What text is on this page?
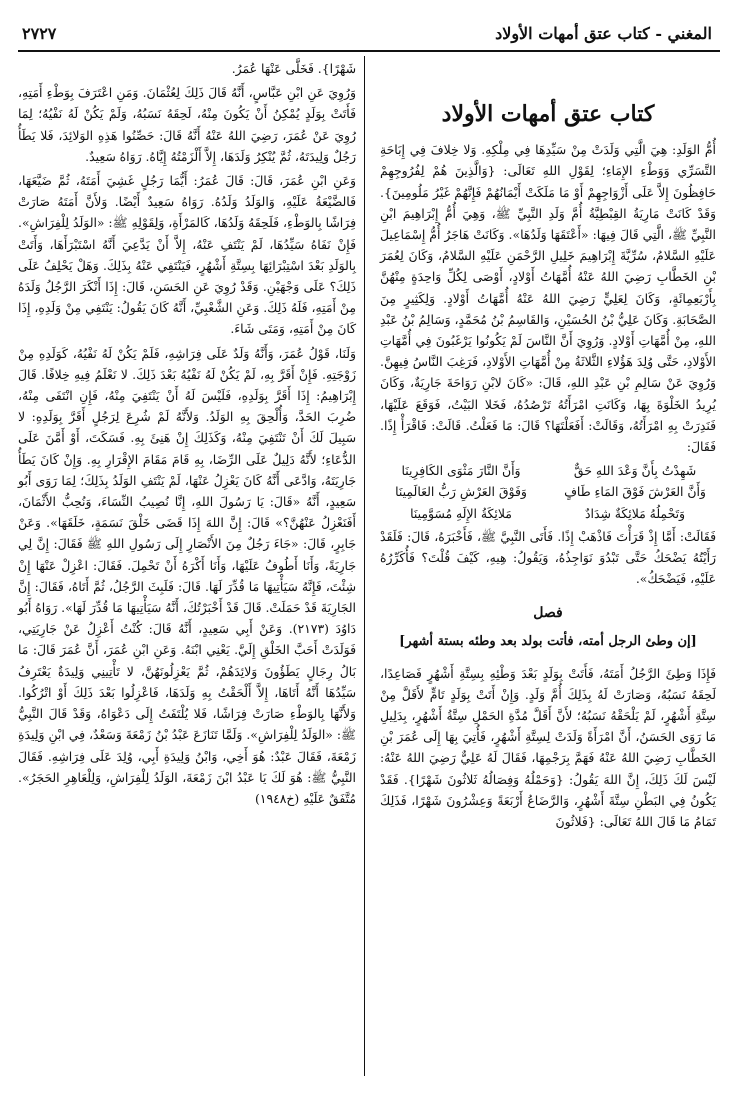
المغني - كتاب عتق أمهات الأولاد
٢٧٢٧
كتاب عتق أمهات الأولاد

أُمُّ الوَلَدِ: هِيَ الَّتِي وَلَدَتْ مِنْ سَيِّدِهَا فِي مِلْكِهِ. وَلا خِلافَ فِي إِبَاحَةِ التَّسَرِّي وَوَطْءِ الإِمَاءِ؛ لِقَوْلِ اللهِ تَعَالَى: {وَالَّذِينَ هُمْ لِفُرُوجِهِمْ حَافِظُونَ إِلاَّ عَلَى أَزْوَاجِهِمْ أَوْ مَا مَلَكَتْ أَيْمَانُهُمْ فَإِنَّهُمْ غَيْرُ مَلُومِينَ}. وَقَدْ كَانَتْ مَارِيَةُ القِبْطِيَّةُ أُمَّ وَلَدِ النَّبِيِّ ﷺ، وَهِيَ أُمُّ إِبْرَاهِيمَ ابْنِ النَّبِيِّ ﷺ، الَّتِي قَالَ فِيهَا: «أَعْتَقَهَا وَلَدُهَا». وَكَانَتْ هَاجَرُ أُمُّ إِسْمَاعِيلَ عَلَيْهِ السَّلامُ، سُرِّيَّةَ إِبْرَاهِيمَ خَلِيلِ الرَّحْمَنِ عَلَيْهِ السَّلامُ، وَكَانَ لِعُمَرَ بْنِ الخَطَّابِ رَضِيَ اللهُ عَنْهُ أُمَّهَاتُ أَوْلادٍ، أَوْصَى لِكُلِّ وَاحِدَةٍ مِنْهُنَّ بِأَرْبَعِمِائَةٍ، وَكَانَ لِعَلِيٍّ رَضِيَ اللهُ عَنْهُ أُمَّهَاتُ أَوْلادٍ. وَلِكَثِيرٍ مِنَ الصَّحَابَةِ. وَكَانَ عَلِيُّ بْنُ الحُسَيْنِ، وَالقَاسِمُ بْنُ مُحَمَّدٍ، وَسَالِمُ بْنُ عَبْدِ اللهِ، مِنْ أُمَّهَاتِ أَوْلادٍ. وَرُوِيَ أَنَّ النَّاسَ لَمْ يَكُونُوا يَرْغَبُونَ فِي أُمَّهَاتِ الأَوْلادِ، حَتَّى وُلِدَ هَؤُلاءِ الثَّلاثَةُ مِنْ أُمَّهَاتِ الأَوْلادِ، فَرَغِبَ النَّاسُ فِيهِنَّ. وَرُوِيَ عَنْ سَالِمِ بْنِ عَبْدِ اللهِ، قَالَ: «كَانَ لابْنِ رَوَاحَةَ جَارِيَةٌ، وَكَانَ يُرِيدُ الخَلْوَةَ بِهَا، وَكَانَتِ امْرَأَتُهُ تَرْصُدُهُ، فَخَلا البَيْتُ، فَوَقَعَ عَلَيْهَا، فَنَدِرَتْ بِهِ امْرَأَتُهُ، وَقَالَتْ: أَفَعَلْتَهَا؟ قَالَ: مَا فَعَلْتُ. قَالَتْ: فَاقْرَأْ إِذًا. فَقَالَ:

شَهِدْتُ بِأَنَّ وَعْدَ اللهِ حَقٌّ
وَأَنَّ النَّارَ مَثْوَى الكَافِرِينَا
وَأَنَّ العَرْشَ فَوْقَ المَاءِ طَافٍ
وَفَوْقَ العَرْشِ رَبُّ العَالَمِينَا
وَتَحْمِلُهُ مَلائِكَةٌ شِدَادٌ
مَلائِكَةُ الإِلَهِ مُسَوَّمِينَا

فَقَالَتْ: أَمَّا إِذْ قَرَأْتَ فَاذْهَبْ إِذًا. فَأَتَى النَّبِيَّ ﷺ، فَأَخْبَرَهُ، قَالَ: فَلَقَدْ رَأَيْتُهُ يَضْحَكُ حَتَّى تَبْدُوَ نَوَاجِذُهُ، وَيَقُولُ: هِيهِ، كَيْفَ قُلْتَ؟ فَأُكَرِّرُهُ عَلَيْهِ، فَيَضْحَكُ».

فصل
[إن وطئ الرجل أمته، فأتت بولد بعد وطئه بستة أشهر]

فَإِذَا وَطِئَ الرَّجُلُ أَمَتَهُ، فَأَتَتْ بِوَلَدٍ بَعْدَ وَطْئِهِ بِسِتَّةِ أَشْهُرٍ فَصَاعِدًا، لَحِقَهُ نَسَبُهُ، وَصَارَتْ لَهُ بِذَلِكَ أُمَّ وَلَدٍ. وَإِنْ أَتَتْ بِوَلَدٍ تَامٍّ لأَقَلَّ مِنْ سِتَّةِ أَشْهُرٍ، لَمْ يَلْحَقْهُ نَسَبُهُ؛ لأَنَّ أَقَلَّ مُدَّةِ الحَمْلِ سِتَّةُ أَشْهُرٍ، بِدَلِيلِ مَا رَوَى الحَسَنُ، أَنَّ امْرَأَةً وَلَدَتْ لِسِتَّةِ أَشْهُرٍ، فَأُتِيَ بِهَا إِلَى عُمَرَ بْنِ الخَطَّابِ رَضِيَ اللهُ عَنْهُ فَهَمَّ بِرَجْمِهَا، فَقَالَ لَهُ عَلِيٌّ رَضِيَ اللهُ عَنْهُ: لَيْسَ لَكَ ذَلِكَ، إِنَّ اللهَ يَقُولُ: {وَحَمْلُهُ وَفِصَالُهُ ثَلاثُونَ شَهْرًا}. فَقَدْ يَكُونُ فِي البَطْنِ سِتَّةَ أَشْهُرٍ، وَالرَّضَاعُ أَرْبَعَةً وَعِشْرُونَ شَهْرًا، فَذَلِكَ تَمَامُ مَا قَالَ اللهُ تَعَالَى: {فَلاثُونَ

شَهْرًا}. فَخَلَّى عَنْهَا عُمَرُ.

وَرُوِيَ عَنِ ابْنِ عَبَّاسٍ، أَنَّهُ قَالَ ذَلِكَ لِعُثْمَانَ. وَمَنِ اعْتَرَفَ بِوَطْءِ أَمَتِهِ، فَأَتَتْ بِوَلَدٍ يُمْكِنُ أَنْ يَكُونَ مِنْهُ، لَحِقَهُ نَسَبُهُ، وَلَمْ يَكُنْ لَهُ نَفْيُهُ؛ لِمَا رُوِيَ عَنْ عُمَرَ، رَضِيَ اللهُ عَنْهُ أَنَّهُ قَالَ: حَصِّنُوا هَذِهِ الوَلائِدَ، فَلا يَطَأُ رَجُلٌ وَلِيدَتَهُ، ثُمَّ يُنْكِرُ وَلَدَهَا، إِلاَّ أَلْزَمْتُهُ إِيَّاهُ. رَوَاهُ سَعِيدٌ.

وَعَنِ ابْنِ عُمَرَ، قَالَ: قَالَ عُمَرُ: أَيُّمَا رَجُلٍ غَشِيَ أَمَتَهُ، ثُمَّ ضَيَّعَهَا، فَالضَّيْعَةُ عَلَيْهِ، وَالوَلَدُ وَلَدُهُ. رَوَاهُ سَعِيدٌ أَيْضًا. وَلأَنَّ أَمَتَهُ صَارَتْ فِرَاشًا بِالوَطْءِ، فَلَحِقَهُ وَلَدُهَا، كَالمَرْأَةِ، وَلِقَوْلِهِ ﷺ: «الوَلَدُ لِلْفِرَاشِ». فَإِنْ نَفَاهُ سَيِّدُهَا، لَمْ يَنْتَفِ عَنْهُ، إِلاَّ أَنْ يَدَّعِيَ أَنَّهُ اسْتَبْرَأَهَا، وَأَتَتْ بِالوَلَدِ بَعْدَ اسْتِبْرَائِهَا بِسِتَّةِ أَشْهُرٍ، فَيَنْتَفِي عَنْهُ بِذَلِكَ. وَهَلْ يَحْلِفُ عَلَى ذَلِكَ؟ عَلَى وَجْهَيْنِ. وَقَدْ رُوِيَ عَنِ الحَسَنِ، قَالَ: إِذَا أَنْكَرَ الرَّجُلُ وَلَدَهُ مِنْ أَمَتِهِ، فَلَهُ ذَلِكَ. وَعَنِ الشَّعْبِيِّ، أَنَّهُ كَانَ يَقُولُ: يَنْتَفِي مِنْ وَلَدِهِ، إِذَا كَانَ مِنْ أَمَتِهِ، وَمَتَى شَاءَ.

وَلَنَا، قَوْلُ عُمَرَ، وَأَنَّهُ وَلَدٌ عَلَى فِرَاشِهِ، فَلَمْ يَكُنْ لَهُ نَفْيُهُ، كَوَلَدِهِ مِنْ زَوْجَتِهِ. فَإِنْ أَقَرَّ بِهِ، لَمْ يَكُنْ لَهُ نَفْيُهُ بَعْدَ ذَلِكَ. لا نَعْلَمُ فِيهِ خِلافًا. قَالَ إِبْرَاهِيمُ: إِذَا أَقَرَّ بِوَلَدِهِ، فَلَيْسَ لَهُ أَنْ يَنْتَفِيَ مِنْهُ، فَإِنِ انْتَفَى مِنْهُ، ضُرِبَ الحَدَّ، وَأُلْحِقَ بِهِ الوَلَدُ. وَلأَنَّهُ لَمْ شُرِعَ لِرَجُلٍ أَقَرَّ بِوَلَدِهِ: لا سَبِيلَ لَكَ أَنْ تَنْتَفِيَ مِنْهُ، وَكَذَلِكَ إِنْ هَنِئَ بِهِ. فَسَكَتَ، أَوْ أَمَّنَ عَلَى الدُّعَاءِ؛ لأَنَّهُ دَلِيلٌ عَلَى الرِّضَا، بِهِ قَامَ مَقَامَ الإِقْرَارِ بِهِ. وَإِنْ كَانَ يَطَأُ جَارِيَتَهُ، وَادَّعَى أَنَّهُ كَانَ يَعْزِلُ عَنْهَا، لَمْ يَنْتَفِ الوَلَدُ بِذَلِكَ؛ لِمَا رَوَى أَبُو سَعِيدٍ، أَنَّهُ «قَالَ: يَا رَسُولَ اللهِ، إِنَّا نُصِيبُ النِّسَاءَ، وَنُحِبُّ الأَثْمَانَ، أَفَنَعْزِلُ عَنْهُنَّ؟» قَالَ: إِنَّ اللهَ إِذَا قَضَى خَلْقَ نَسَمَةٍ، خَلَقَهَا». وَعَنْ جَابِرٍ، قَالَ: «جَاءَ رَجُلٌ مِنَ الأَنْصَارِ إِلَى رَسُولِ اللهِ ﷺ فَقَالَ: إِنَّ لِي جَارِيَةً، وَأَنَا أَطُوفُ عَلَيْهَا، وَأَنَا أَكْرَهُ أَنْ تَحْمِلَ. فَقَالَ: اعْزِلْ عَنْهَا إِنْ شِئْتَ، فَإِنَّهُ سَيَأْتِيهَا مَا قُدِّرَ لَهَا. قَالَ: فَلَبِثَ الرَّجُلُ، ثُمَّ أَتَاهُ، فَقَالَ: إِنَّ الجَارِيَةَ قَدْ حَمَلَتْ. قَالَ قَدْ أَخْبَرْتُكَ، أَنَّهُ سَيَأْتِيهَا مَا قُدِّرَ لَهَا». رَوَاهُ أَبُو دَاوُدَ (٢١٧٣). وَعَنْ أَبِي سَعِيدٍ، أَنَّهُ قَالَ: كُنْتُ أَعْزِلُ عَنْ جَارِيَتِي، فَوَلَدَتْ أَحَبَّ الخَلْقِ إِلَيَّ. يَعْنِي ابْنَهُ. وَعَنِ ابْنِ عُمَرَ، أَنَّ عُمَرَ قَالَ: مَا بَالُ رِجَالٍ يَطَؤُونَ وَلائِدَهُمْ، ثُمَّ يَعْزِلُونَهُنَّ، لا تَأْتِينِي وَلِيدَةٌ يَعْتَرِفُ سَيِّدُهَا أَنَّهُ أَتَاهَا، إِلاَّ أَلْحَقْتُ بِهِ وَلَدَهَا، فَاعْزِلُوا بَعْدَ ذَلِكَ أَوْ اتْرُكُوا. وَلأَنَّهَا بِالوَطْءِ صَارَتْ فِرَاشًا، فَلا يُلْتَفَتُ إِلَى دَعْوَاهُ، وَقَدْ قَالَ النَّبِيُّ ﷺ: «الوَلَدُ لِلْفِرَاشِ». وَلَمَّا تَنَازَعَ عَبْدُ بْنُ زَمْعَةَ وَسَعْدٌ، فِي ابْنِ وَلِيدَةِ زَمْعَةَ، فَقَالَ عَبْدٌ: هُوَ أَخِي، وَابْنُ وَلِيدَةِ أَبِي، وُلِدَ عَلَى فِرَاشِهِ. فَقَالَ النَّبِيُّ ﷺ: هُوَ لَكَ يَا عَبْدُ ابْنَ زَمْعَةَ، الوَلَدُ لِلْفِرَاشِ، وَلِلْعَاهِرِ الحَجَرُ». مُتَّفَقٌ عَلَيْهِ (خ١٩٤٨)
